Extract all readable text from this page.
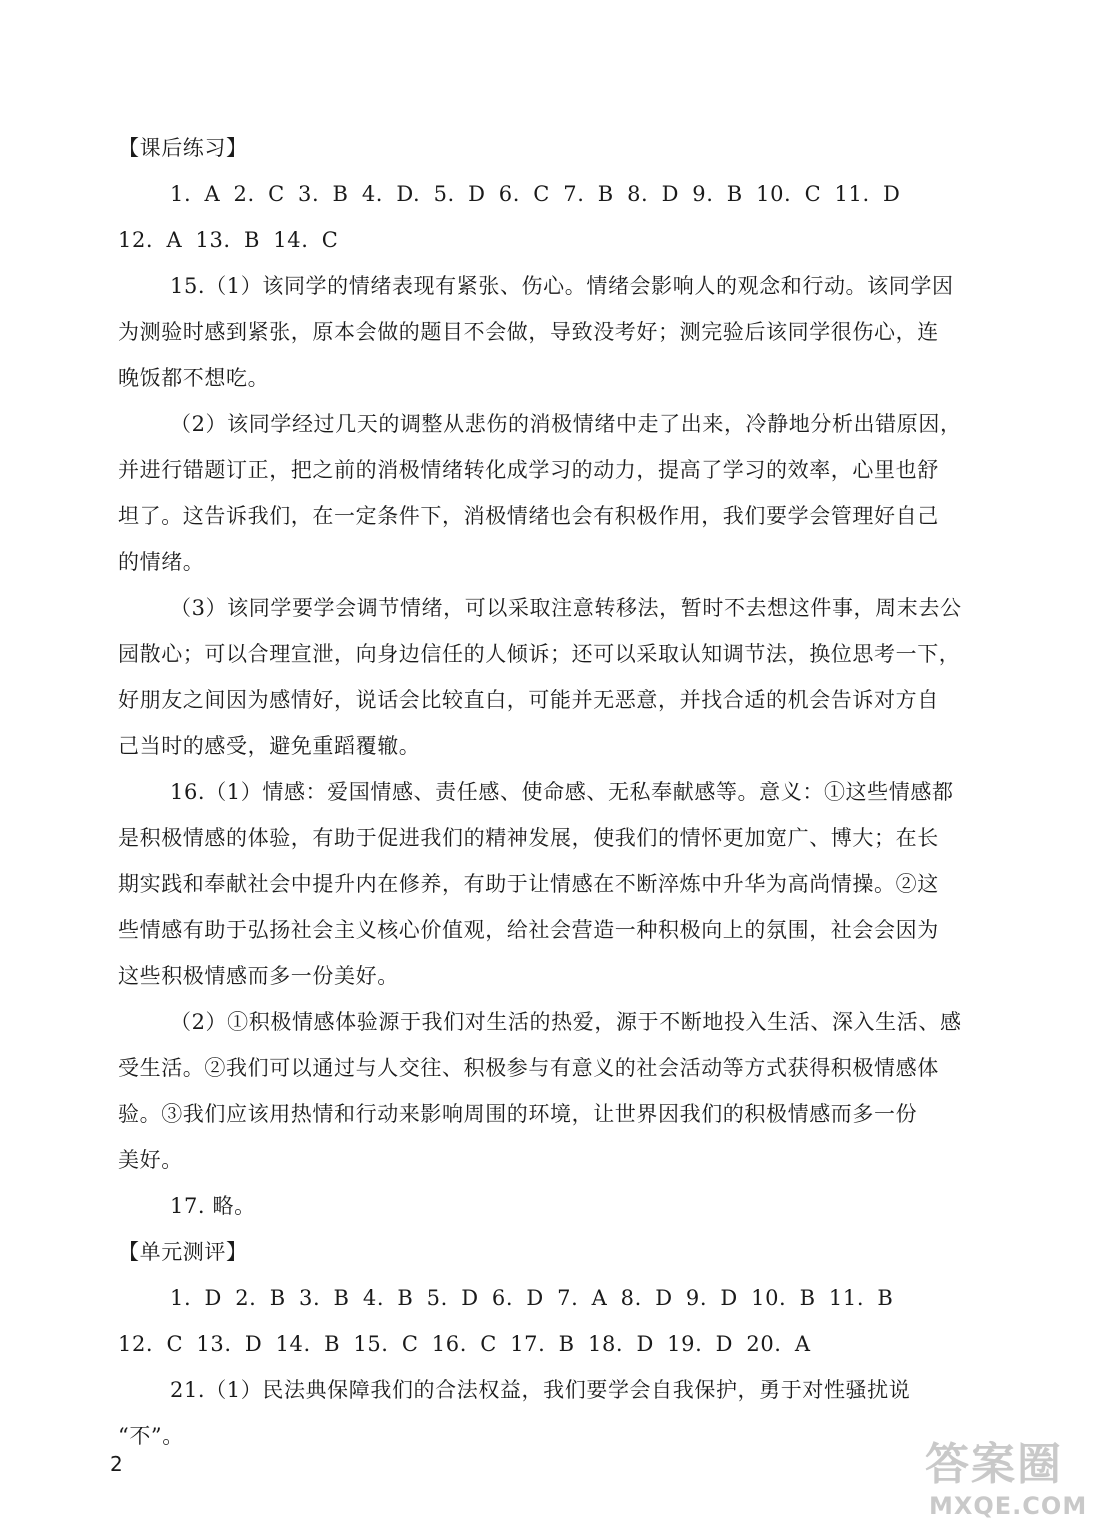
【课后练习】
1. A 2. C 3. B 4. D. 5. D 6. C 7. B 8. D 9. B 10. C 11. D
12. A 13. B 14. C
15.（1）该同学的情绪表现有紧张、伤心。情绪会影响人的观念和行动。该同学因
为测验时感到紧张，原本会做的题目不会做，导致没考好；测完验后该同学很伤心，连
晚饭都不想吃。
（2）该同学经过几天的调整从悲伤的消极情绪中走了出来，冷静地分析出错原因，
并进行错题订正，把之前的消极情绪转化成学习的动力，提高了学习的效率，心里也舒
坦了。这告诉我们，在一定条件下，消极情绪也会有积极作用，我们要学会管理好自己
的情绪。
（3）该同学要学会调节情绪，可以采取注意转移法，暂时不去想这件事，周末去公
园散心；可以合理宣泄，向身边信任的人倾诉；还可以采取认知调节法，换位思考一下，
好朋友之间因为感情好，说话会比较直白，可能并无恶意，并找合适的机会告诉对方自
己当时的感受，避免重蹈覆辙。
16.（1）情感：爱国情感、责任感、使命感、无私奉献感等。意义：①这些情感都
是积极情感的体验，有助于促进我们的精神发展，使我们的情怀更加宽广、博大；在长
期实践和奉献社会中提升内在修养，有助于让情感在不断淬炼中升华为高尚情操。②这
些情感有助于弘扬社会主义核心价值观，给社会营造一种积极向上的氛围，社会会因为
这些积极情感而多一份美好。
（2）①积极情感体验源于我们对生活的热爱，源于不断地投入生活、深入生活、感
受生活。②我们可以通过与人交往、积极参与有意义的社会活动等方式获得积极情感体
验。③我们应该用热情和行动来影响周围的环境，让世界因我们的积极情感而多一份
美好。
17. 略。
【单元测评】
1. D 2. B 3. B 4. B 5. D 6. D 7. A 8. D 9. D 10. B 11. B
12. C 13. D 14. B 15. C 16. C 17. B 18. D 19. D 20. A
21.（1）民法典保障我们的合法权益，我们要学会自我保护，勇于对性骚扰说
“不”。
2	答案圈
MXQE.COM
